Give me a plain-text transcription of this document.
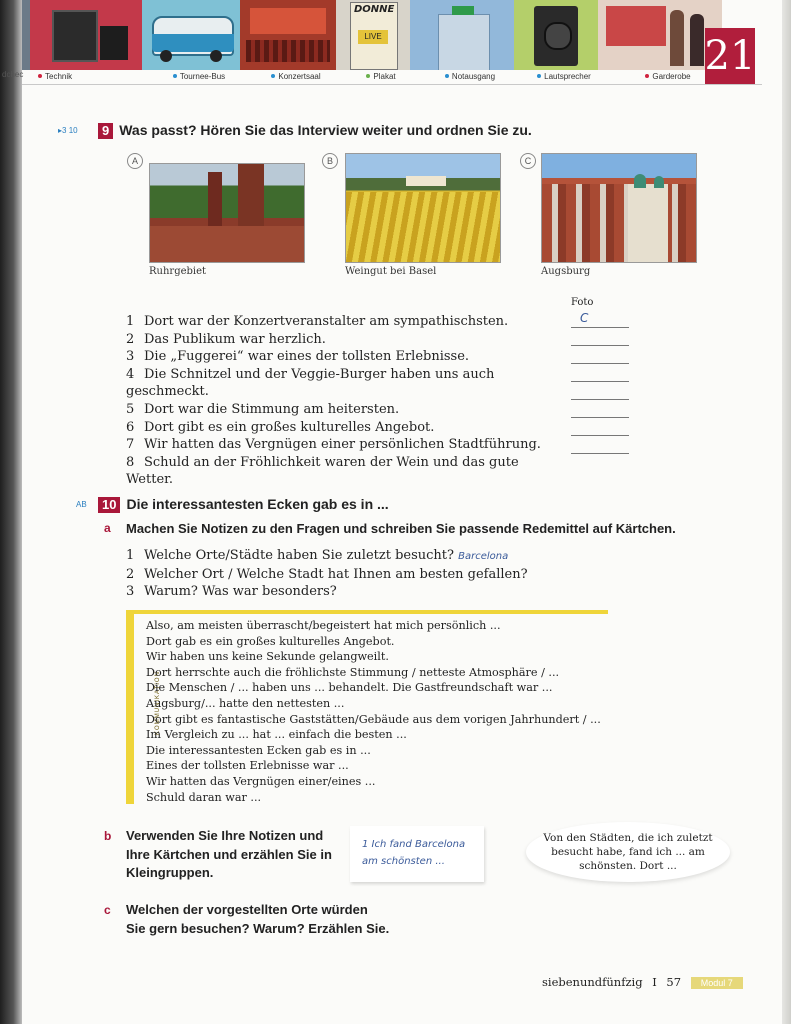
DONNE
LIVE
Technik	Tournee-Bus	Konzertsaal	Plakat	Notausgang	Lautsprecher	Garderobe 21
▸3 10	9 Was passt? Hören Sie das Interview weiter und ordnen Sie zu.
A
Ruhrgebiet
B
Weingut bei Basel
C
Augsburg
Foto
C
1 Dort war der Konzertveranstalter am sympathischsten.
2 Das Publikum war herzlich.
3 Die „Fuggerei“ war eines der tollsten Erlebnisse.
4 Die Schnitzel und der Veggie-Burger haben uns auch geschmeckt.
5 Dort war die Stimmung am heitersten.
6 Dort gibt es ein großes kulturelles Angebot.
7 Wir hatten das Vergnügen einer persönlichen Stadtführung.
8 Schuld an der Fröhlichkeit waren der Wein und das gute Wetter.
AB	10 Die interessantesten Ecken gab es in ...
a Machen Sie Notizen zu den Fragen und schreiben Sie passende Redemittel auf Kärtchen.
1 Welche Orte/Städte haben Sie zuletzt besucht? Barcelona
2 Welcher Ort / Welche Stadt hat Ihnen am besten gefallen?
3 Warum? Was war besonders?
KOMMUNIKATION
Also, am meisten überrascht/begeistert hat mich persönlich ...
Dort gab es ein großes kulturelles Angebot.
Wir haben uns keine Sekunde gelangweilt.
Dort herrschte auch die fröhlichste Stimmung / netteste Atmosphäre / ...
Die Menschen / ... haben uns ... behandelt. Die Gastfreundschaft war ...
Augsburg/... hatte den nettesten ...
Dort gibt es fantastische Gaststätten/Gebäude aus dem vorigen Jahrhundert / ...
Im Vergleich zu ... hat ... einfach die besten ...
Die interessantesten Ecken gab es in ...
Eines der tollsten Erlebnisse war ...
Wir hatten das Vergnügen einer/eines ...
Schuld daran war ...
b Verwenden Sie Ihre Notizen und
Ihre Kärtchen und erzählen Sie in
Kleingruppen.
1 Ich fand Barcelona
am schönsten ...
Von den Städten, die ich zuletzt
besucht habe, fand ich ... am
schönsten. Dort ...
c Welchen der vorgestellten Orte würden
Sie gern besuchen? Warum? Erzählen Sie.
siebenundfünfzig I 57 Modul 7
dchec
